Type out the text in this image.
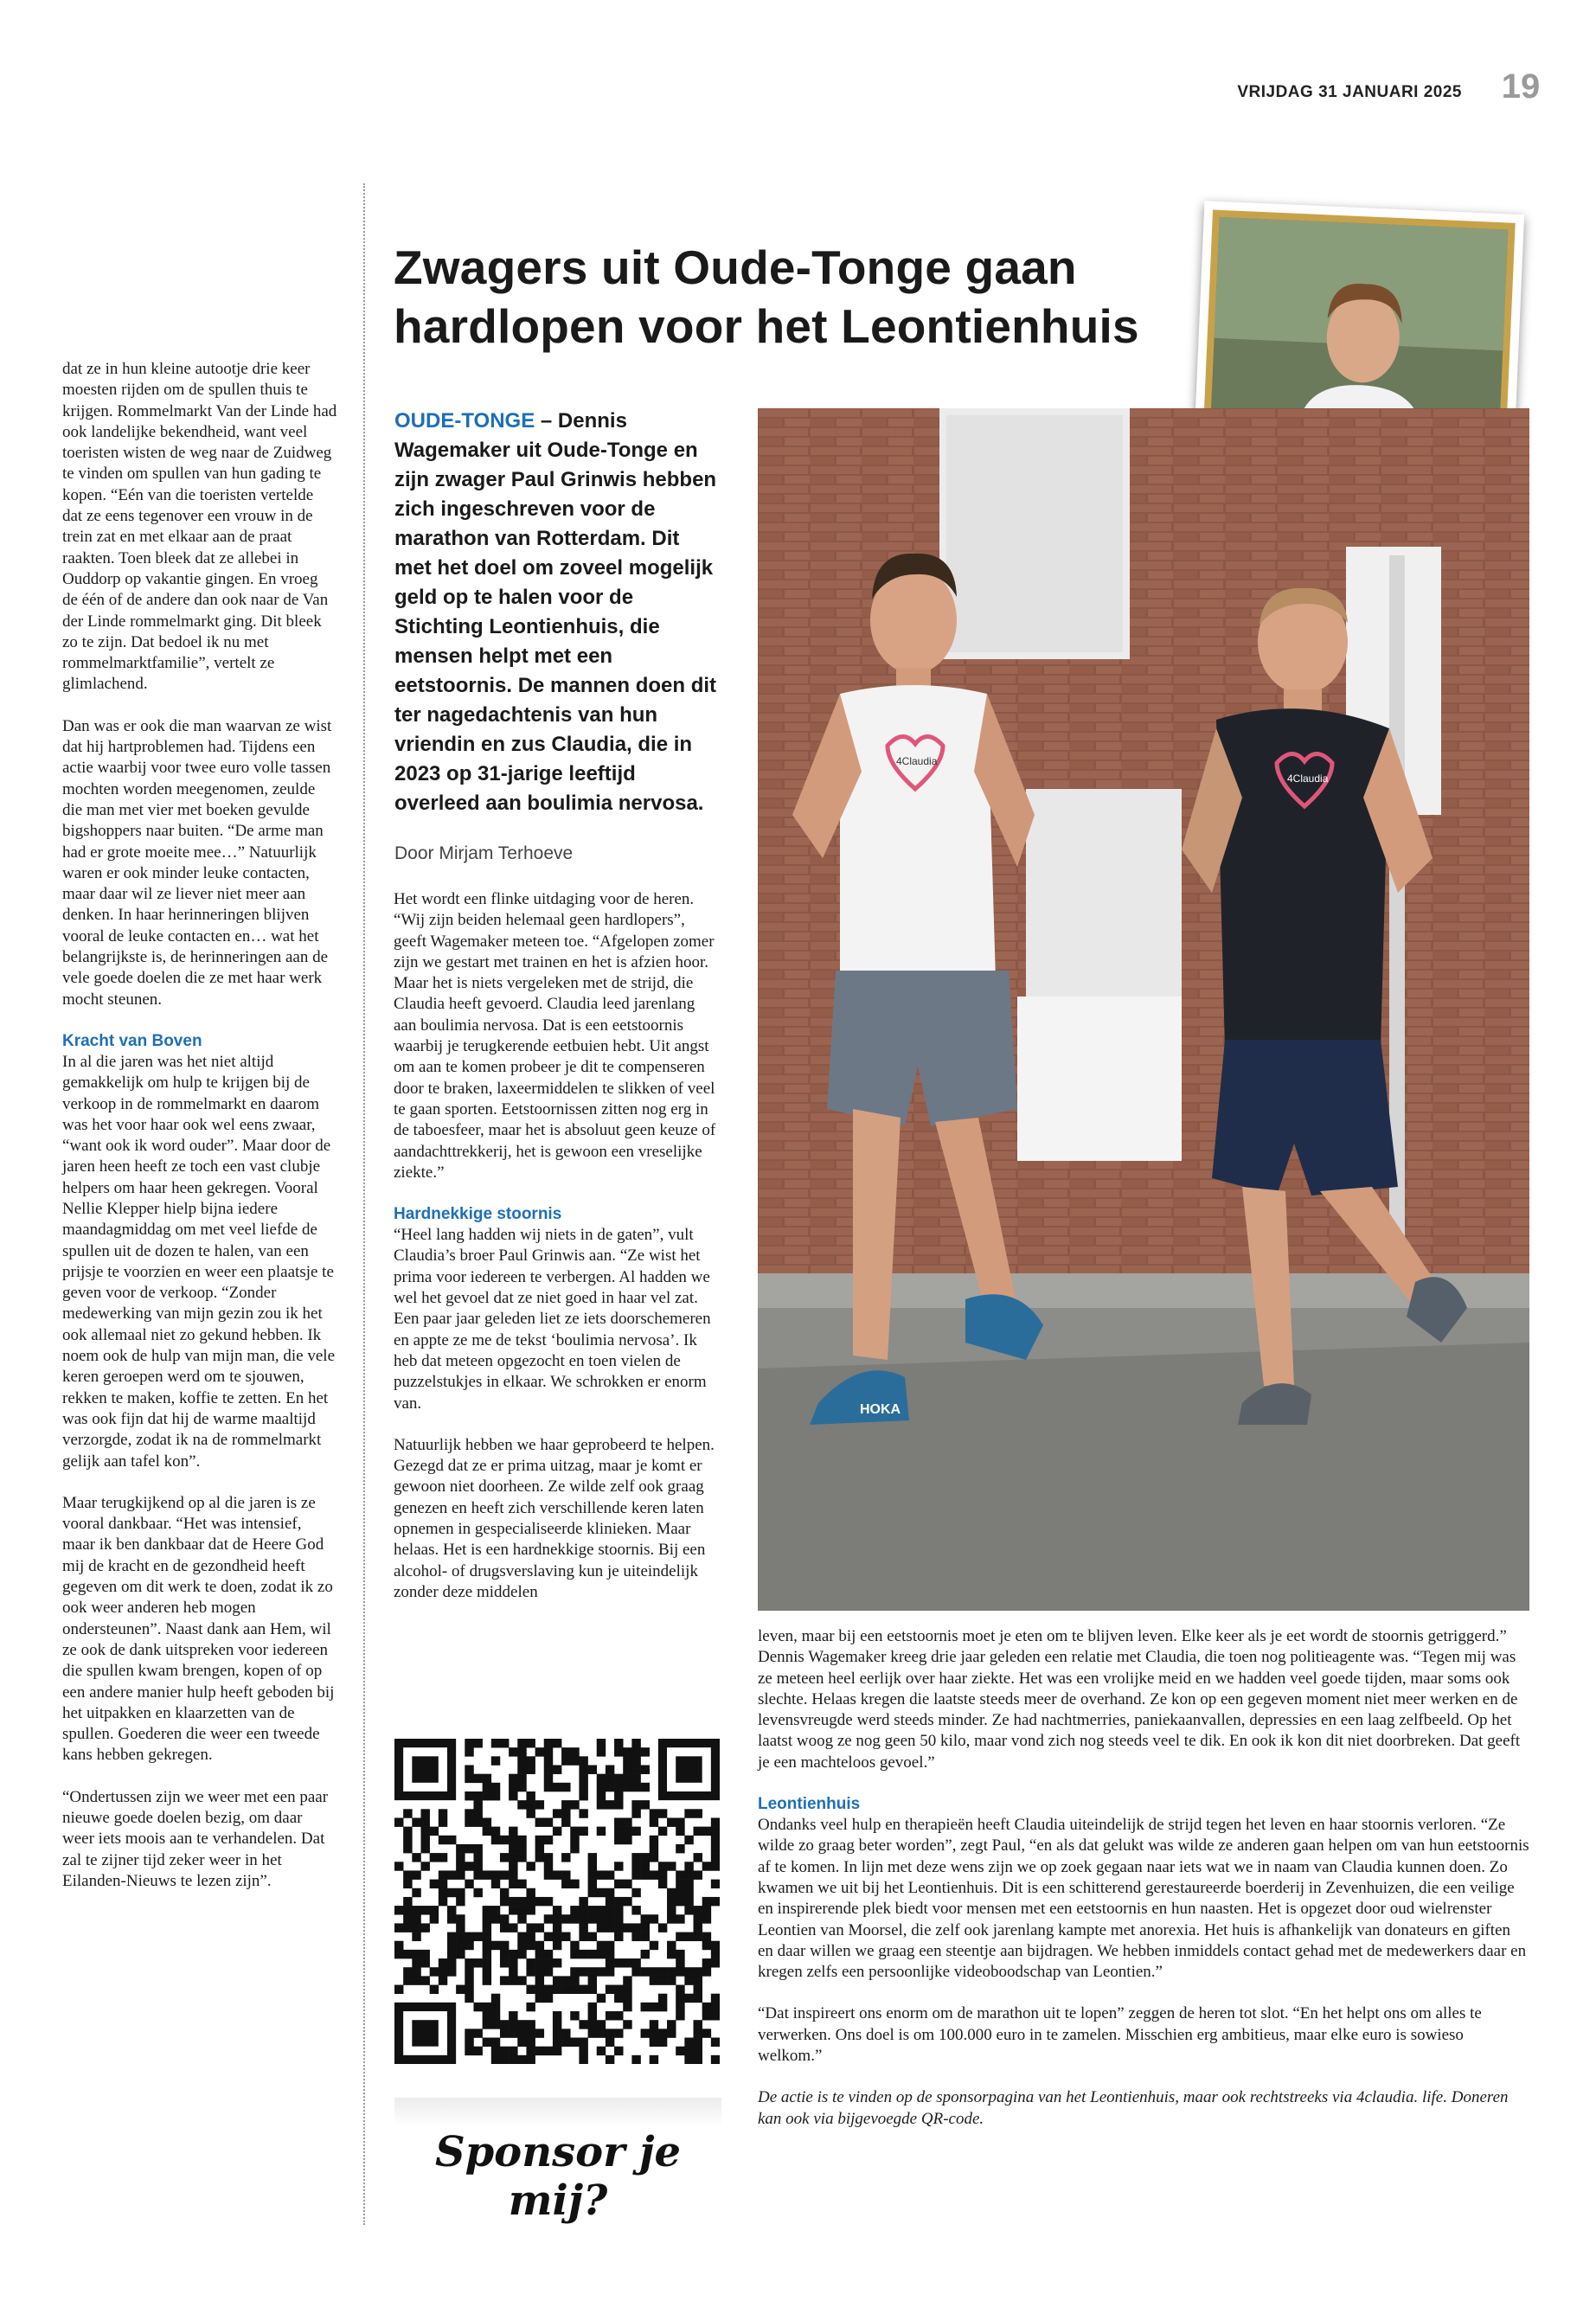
VRIJDAG 31 JANUARI 2025	19

dat ze in hun kleine autootje drie keer moesten rijden om de spullen thuis te krijgen. Rommelmarkt Van der Linde had ook landelijke bekendheid, want veel toeristen wisten de weg naar de Zuidweg te vinden om spullen van hun gading te kopen. “Eén van die toeristen vertelde dat ze eens tegenover een vrouw in de trein zat en met elkaar aan de praat raakten. Toen bleek dat ze allebei in Ouddorp op vakantie gingen. En vroeg de één of de andere dan ook naar de Van der Linde rommelmarkt ging. Dit bleek zo te zijn. Dat bedoel ik nu met rommelmarktfamilie”, vertelt ze glimlachend.

Dan was er ook die man waarvan ze wist dat hij hartproblemen had. Tijdens een actie waarbij voor twee euro volle tassen mochten worden meegenomen, zeulde die man met vier met boeken gevulde bigshoppers naar buiten. “De arme man had er grote moeite mee…” Natuurlijk waren er ook minder leuke contacten, maar daar wil ze liever niet meer aan denken. In haar herinneringen blijven vooral de leuke contacten en… wat het belangrijkste is, de herinneringen aan de vele goede doelen die ze met haar werk mocht steunen.

Kracht van Boven

In al die jaren was het niet altijd gemakkelijk om hulp te krijgen bij de verkoop in de rommelmarkt en daarom was het voor haar ook wel eens zwaar, “want ook ik word ouder”. Maar door de jaren heen heeft ze toch een vast clubje helpers om haar heen gekregen. Vooral Nellie Klepper hielp bijna iedere maandagmiddag om met veel liefde de spullen uit de dozen te halen, van een prijsje te voorzien en weer een plaatsje te geven voor de verkoop. “Zonder medewerking van mijn gezin zou ik het ook allemaal niet zo gekund hebben. Ik noem ook de hulp van mijn man, die vele keren geroepen werd om te sjouwen, rekken te maken, koffie te zetten. En het was ook fijn dat hij de warme maaltijd verzorgde, zodat ik na de rommelmarkt gelijk aan tafel kon”.

Maar terugkijkend op al die jaren is ze vooral dankbaar. “Het was intensief, maar ik ben dankbaar dat de Heere God mij de kracht en de gezondheid heeft gegeven om dit werk te doen, zodat ik zo ook weer anderen heb mogen ondersteunen”. Naast dank aan Hem, wil ze ook de dank uitspreken voor iedereen die spullen kwam brengen, kopen of op een andere manier hulp heeft geboden bij het uitpakken en klaarzetten van de spullen. Goederen die weer een tweede kans hebben gekregen.

“Ondertussen zijn we weer met een paar nieuwe goede doelen bezig, om daar weer iets moois aan te verhandelen. Dat zal te zijner tijd zeker weer in het Eilanden-Nieuws te lezen zijn”.

Zwagers uit Oude-Tonge gaan hardlopen voor het Leontienhuis
OUDE-TONGE – Dennis Wagemaker uit Oude-Tonge en zijn zwager Paul Grinwis hebben zich ingeschreven voor de marathon van Rotterdam. Dit met het doel om zoveel mogelijk geld op te halen voor de Stichting Leontienhuis, die mensen helpt met een eetstoornis. De mannen doen dit ter nagedachtenis van hun vriendin en zus Claudia, die in 2023 op 31-jarige leeftijd overleed aan boulimia nervosa.
Door Mirjam Terhoeve

Het wordt een flinke uitdaging voor de heren. “Wij zijn beiden helemaal geen hardlopers”, geeft Wagemaker meteen toe. “Afgelopen zomer zijn we gestart met trainen en het is afzien hoor. Maar het is niets vergeleken met de strijd, die Claudia heeft gevoerd. Claudia leed jarenlang aan boulimia nervosa. Dat is een eetstoornis waarbij je terugkerende eetbuien hebt. Uit angst om aan te komen probeer je dit te compenseren door te braken, laxeermiddelen te slikken of veel te gaan sporten. Eetstoornissen zitten nog erg in de taboesfeer, maar het is absoluut geen keuze of aandachttrekkerij, het is gewoon een vreselijke ziekte.”

Hardnekkige stoornis

“Heel lang hadden wij niets in de gaten”, vult Claudia’s broer Paul Grinwis aan. “Ze wist het prima voor iedereen te verbergen. Al hadden we wel het gevoel dat ze niet goed in haar vel zat. Een paar jaar geleden liet ze iets doorschemeren en appte ze me de tekst ‘boulimia nervosa’. Ik heb dat meteen opgezocht en toen vielen de puzzelstukjes in elkaar. We schrokken er enorm van.

Natuurlijk hebben we haar geprobeerd te helpen. Gezegd dat ze er prima uitzag, maar je komt er gewoon niet doorheen. Ze wilde zelf ook graag genezen en heeft zich verschillende keren laten opnemen in gespecialiseerde klinieken. Maar helaas. Het is een hardnekkige stoornis. Bij een alcohol- of drugsverslaving kun je uiteindelijk zonder deze middelen

HOKA
4Claudia
4Claudia

leven, maar bij een eetstoornis moet je eten om te blijven leven. Elke keer als je eet wordt de stoornis getriggerd.” Dennis Wagemaker kreeg drie jaar geleden een relatie met Claudia, die toen nog politieagente was. “Tegen mij was ze meteen heel eerlijk over haar ziekte. Het was een vrolijke meid en we hadden veel goede tijden, maar soms ook slechte. Helaas kregen die laatste steeds meer de overhand. Ze kon op een gegeven moment niet meer werken en de levensvreugde werd steeds minder. Ze had nachtmerries, paniekaanvallen, depressies en een laag zelfbeeld. Op het laatst woog ze nog geen 50 kilo, maar vond zich nog steeds veel te dik. En ook ik kon dit niet doorbreken. Dat geeft je een machteloos gevoel.”

Leontienhuis

Ondanks veel hulp en therapieën heeft Claudia uiteindelijk de strijd tegen het leven en haar stoornis verloren. “Ze wilde zo graag beter worden”, zegt Paul, “en als dat gelukt was wilde ze anderen gaan helpen om van hun eetstoornis af te komen. In lijn met deze wens zijn we op zoek gegaan naar iets wat we in naam van Claudia kunnen doen. Zo kwamen we uit bij het Leontienhuis. Dit is een schitterend gerestaureerde boerderij in Zevenhuizen, die een veilige en inspirerende plek biedt voor mensen met een eetstoornis en hun naasten. Het is opgezet door oud wielrenster Leontien van Moorsel, die zelf ook jarenlang kampte met anorexia. Het huis is afhankelijk van donateurs en giften en daar willen we graag een steentje aan bijdragen. We hebben inmiddels contact gehad met de medewerkers daar en kregen zelfs een persoonlijke videoboodschap van Leontien.”

“Dat inspireert ons enorm om de marathon uit te lopen” zeggen de heren tot slot. “En het helpt ons om alles te verwerken. Ons doel is om 100.000 euro in te zamelen. Misschien erg ambitieus, maar elke euro is sowieso welkom.”

De actie is te vinden op de sponsorpagina van het Leontienhuis, maar ook rechtstreeks via 4claudia. life. Doneren kan ook via bijgevoegde QR-code.

Sponsor je mij?
